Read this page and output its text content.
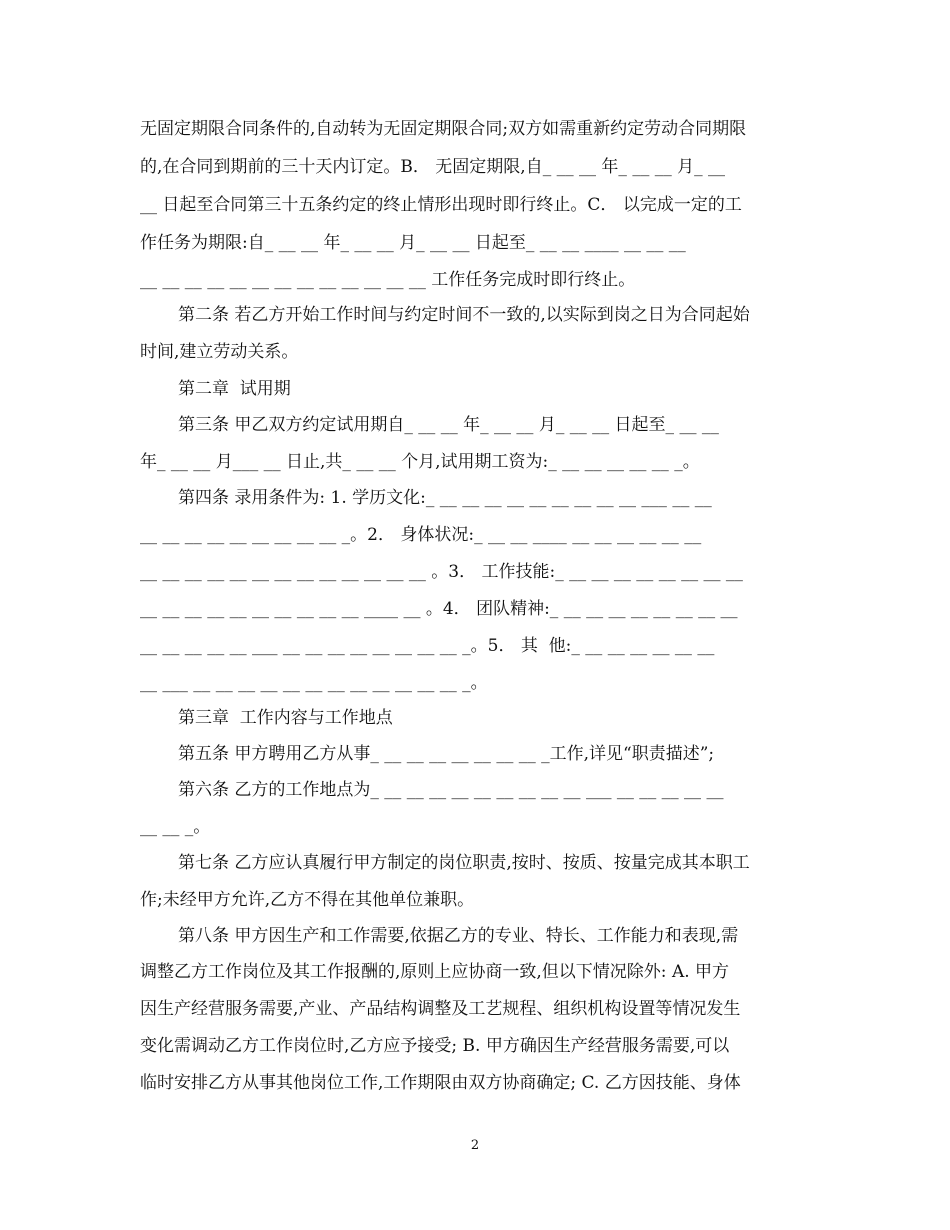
无固定期限合同条件的,自动转为无固定期限合同;双方如需重新约定劳动合同期限
的,在合同到期前的三十天内订定。B． 无固定期限,自_ __ __ 年_ __ __ 月_ __
__ 日起至合同第三十五条约定的终止情形出现时即行终止。C． 以完成一定的工
作任务为期限:自_ __ __ 年_ __ __ 月_ __ __ 日起至_ __ __ ____ __ __ __
__ __ __ __ __ __ __ __ __ __ __ __ __ 工作任务完成时即行终止。
第二条 若乙方开始工作时间与约定时间不一致的,以实际到岗之日为合同起始
时间,建立劳动关系。
第二章  试用期
第三条 甲乙双方约定试用期自_ __ __ 年_ __ __ 月_ __ __ 日起至_ __ __
年_ __ __ 月___ __ 日止,共_ __ __ 个月,试用期工资为:_ __ __ __ __ __ _。
第四条 录用条件为: 1. 学历文化:_ __ __ __ __ __ __ __ __ __ ___ __ __
__ __ __ __ __ __ __ __ __ _。2． 身体状况:_ __ __ ____ __ __ __ __ __ __
__ __ __ __ __ __ __ __ __ __ __ __ __ 。3． 工作技能:_ __ __ __ __ __ __ __ __
__ __ __ __ __ __ __ __ __ __ ____ __ 。4． 团队精神:_ __ __ __ __ __ __ __ __
__ __ __ __ __ ___ __ __ __ __ __ __ __ __ _。5． 其  他:_ __ __ __ __ __ __
__ ___ __ __ __ __ __ __ __ __ __ __ __ __ _。
第三章  工作内容与工作地点
第五条 甲方聘用乙方从事_ __ __ __ __ __ __ __ _工作,详见“职责描述”;
第六条 乙方的工作地点为_ __ __ __ __ __ __ __ __ __ ___ __ __ __ __ __
__ __ _。
第七条 乙方应认真履行甲方制定的岗位职责,按时、按质、按量完成其本职工
作;未经甲方允许,乙方不得在其他单位兼职。
第八条 甲方因生产和工作需要,依据乙方的专业、特长、工作能力和表现,需
调整乙方工作岗位及其工作报酬的,原则上应协商一致,但以下情况除外: A. 甲方
因生产经营服务需要,产业、产品结构调整及工艺规程、组织机构设置等情况发生
变化需调动乙方工作岗位时,乙方应予接受; B. 甲方确因生产经营服务需要,可以
临时安排乙方从事其他岗位工作,工作期限由双方协商确定; C. 乙方因技能、身体
2
